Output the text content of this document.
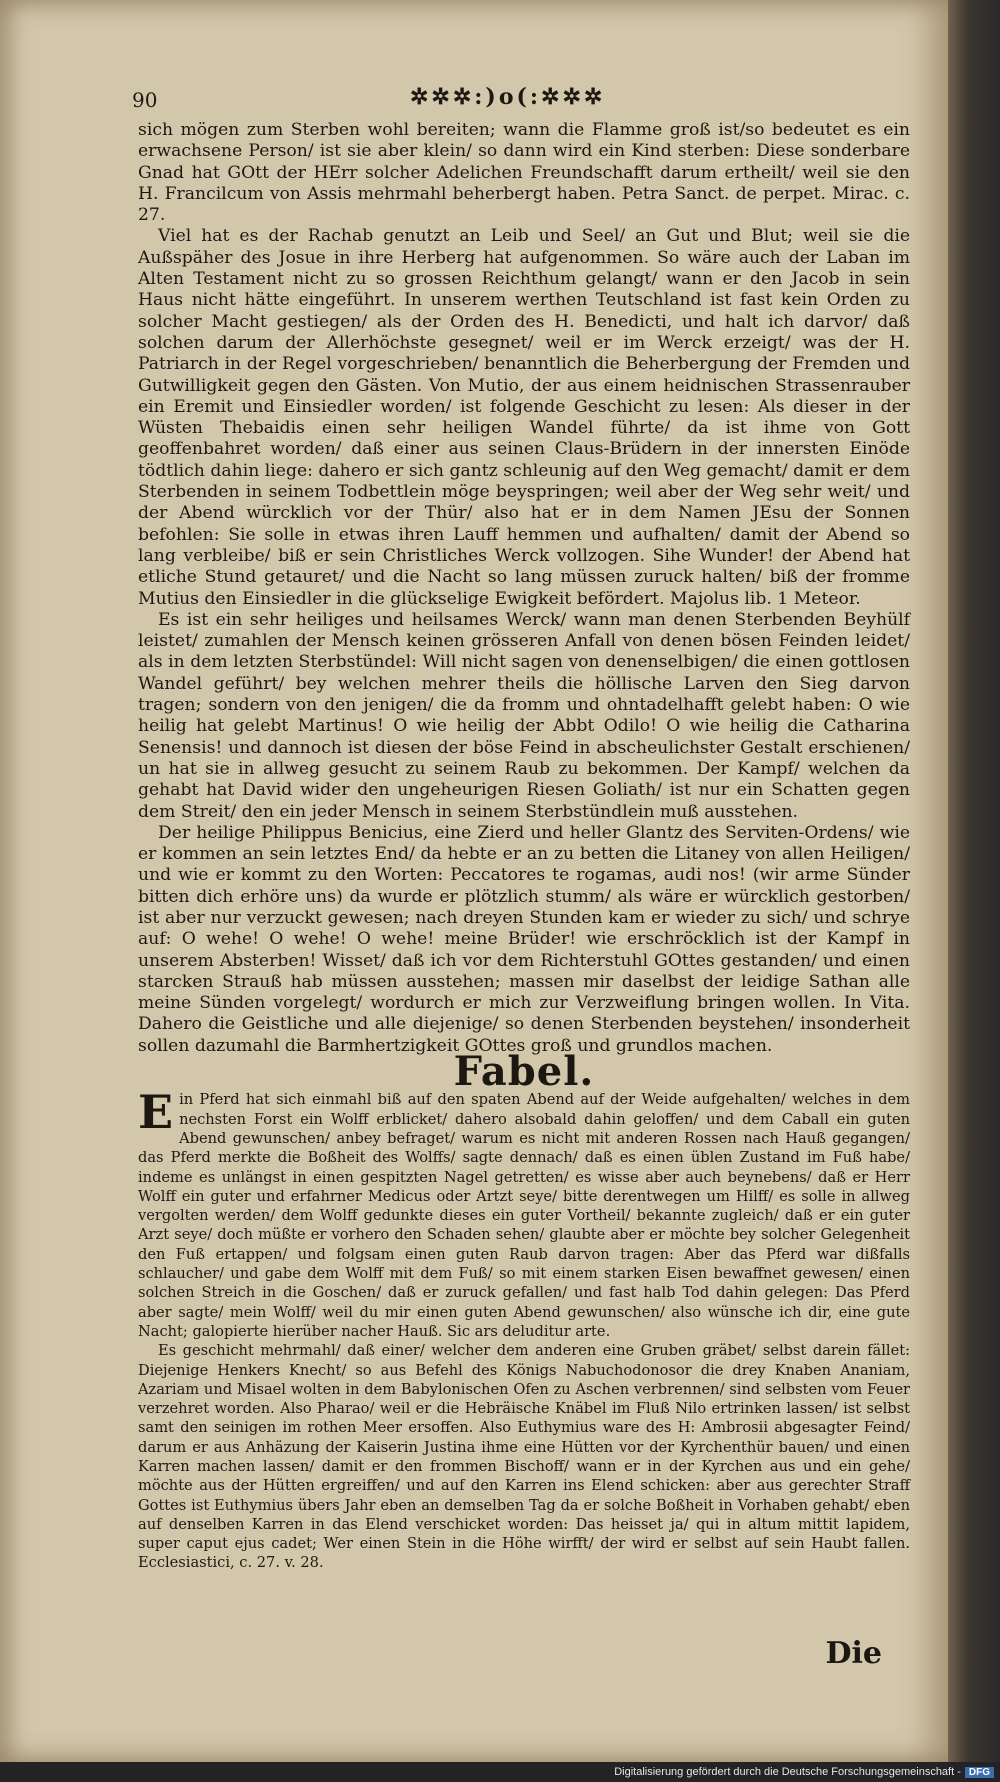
90	✲✲✲:)o(:✲✲✲

sich mögen zum Sterben wohl bereiten; wann die Flamme groß ist/so bedeutet es ein erwachsene Person/ ist sie aber klein/ so dann wird ein Kind sterben: Diese sonderbare Gnad hat GOtt der HErr solcher Adelichen Freundschafft darum ertheilt/ weil sie den H. Francilcum von Assis mehrmahl beherbergt haben. Petra Sanct. de perpet. Mirac. c. 27.

Viel hat es der Rachab genutzt an Leib und Seel/ an Gut und Blut; weil sie die Außspäher des Josue in ihre Herberg hat aufgenommen. So wäre auch der Laban im Alten Testament nicht zu so grossen Reichthum gelangt/ wann er den Jacob in sein Haus nicht hätte eingeführt. In unserem werthen Teutschland ist fast kein Orden zu solcher Macht gestiegen/ als der Orden des H. Benedicti, und halt ich darvor/ daß solchen darum der Allerhöchste gesegnet/ weil er im Werck erzeigt/ was der H. Patriarch in der Regel vorgeschrieben/ benanntlich die Beherbergung der Fremden und Gutwilligkeit gegen den Gästen. Von Mutio, der aus einem heidnischen Strassenrauber ein Eremit und Einsiedler worden/ ist folgende Geschicht zu lesen: Als dieser in der Wüsten Thebaidis einen sehr heiligen Wandel führte/ da ist ihme von Gott geoffenbahret worden/ daß einer aus seinen Claus-Brüdern in der innersten Einöde tödtlich dahin liege: dahero er sich gantz schleunig auf den Weg gemacht/ damit er dem Sterbenden in seinem Todbettlein möge beyspringen; weil aber der Weg sehr weit/ und der Abend würcklich vor der Thür/ also hat er in dem Namen JEsu der Sonnen befohlen: Sie solle in etwas ihren Lauff hemmen und aufhalten/ damit der Abend so lang verbleibe/ biß er sein Christliches Werck vollzogen. Sihe Wunder! der Abend hat etliche Stund getauret/ und die Nacht so lang müssen zuruck halten/ biß der fromme Mutius den Einsiedler in die glückselige Ewigkeit befördert. Majolus lib. 1 Meteor.

Es ist ein sehr heiliges und heilsames Werck/ wann man denen Sterbenden Beyhülf leistet/ zumahlen der Mensch keinen grösseren Anfall von denen bösen Feinden leidet/ als in dem letzten Sterbstündel: Will nicht sagen von denenselbigen/ die einen gottlosen Wandel geführt/ bey welchen mehrer theils die höllische Larven den Sieg darvon tragen; sondern von den jenigen/ die da fromm und ohntadelhafft gelebt haben: O wie heilig hat gelebt Martinus! O wie heilig der Abbt Odilo! O wie heilig die Catharina Senensis! und dannoch ist diesen der böse Feind in abscheulichster Gestalt erschienen/ un hat sie in allweg gesucht zu seinem Raub zu bekommen. Der Kampf/ welchen da gehabt hat David wider den ungeheurigen Riesen Goliath/ ist nur ein Schatten gegen dem Streit/ den ein jeder Mensch in seinem Sterbstündlein muß ausstehen.

Der heilige Philippus Benicius, eine Zierd und heller Glantz des Serviten-Ordens/ wie er kommen an sein letztes End/ da hebte er an zu betten die Litaney von allen Heiligen/ und wie er kommt zu den Worten: Peccatores te rogamas, audi nos! (wir arme Sünder bitten dich erhöre uns) da wurde er plötzlich stumm/ als wäre er würcklich gestorben/ ist aber nur verzuckt gewesen; nach dreyen Stunden kam er wieder zu sich/ und schrye auf: O wehe! O wehe! O wehe! meine Brüder! wie erschröcklich ist der Kampf in unserem Absterben! Wisset/ daß ich vor dem Richterstuhl GOttes gestanden/ und einen starcken Strauß hab müssen ausstehen; massen mir daselbst der leidige Sathan alle meine Sünden vorgelegt/ wordurch er mich zur Verzweiflung bringen wollen. In Vita. Dahero die Geistliche und alle diejenige/ so denen Sterbenden beystehen/ insonderheit sollen dazumahl die Barmhertzigkeit GOttes groß und grundlos machen.

Fabel.

Ein Pferd hat sich einmahl biß auf den spaten Abend auf der Weide aufgehalten/ welches in dem nechsten Forst ein Wolff erblicket/ dahero alsobald dahin geloffen/ und dem Caball ein guten Abend gewunschen/ anbey befraget/ warum es nicht mit anderen Rossen nach Hauß gegangen/ das Pferd merkte die Boßheit des Wolffs/ sagte dennach/ daß es einen üblen Zustand im Fuß habe/ indeme es unlängst in einen gespitzten Nagel getretten/ es wisse aber auch beynebens/ daß er Herr Wolff ein guter und erfahrner Medicus oder Artzt seye/ bitte derentwegen um Hilff/ es solle in allweg vergolten werden/ dem Wolff gedunkte dieses ein guter Vortheil/ bekannte zugleich/ daß er ein guter Arzt seye/ doch müßte er vorhero den Schaden sehen/ glaubte aber er möchte bey solcher Gelegenheit den Fuß ertappen/ und folgsam einen guten Raub darvon tragen: Aber das Pferd war dißfalls schlaucher/ und gabe dem Wolff mit dem Fuß/ so mit einem starken Eisen bewaffnet gewesen/ einen solchen Streich in die Goschen/ daß er zuruck gefallen/ und fast halb Tod dahin gelegen: Das Pferd aber sagte/ mein Wolff/ weil du mir einen guten Abend gewunschen/ also wünsche ich dir, eine gute Nacht; galopierte hierüber nacher Hauß. Sic ars deluditur arte.

Es geschicht mehrmahl/ daß einer/ welcher dem anderen eine Gruben gräbet/ selbst darein fället: Diejenige Henkers Knecht/ so aus Befehl des Königs Nabuchodonosor die drey Knaben Ananiam, Azariam und Misael wolten in dem Babylonischen Ofen zu Aschen verbrennen/ sind selbsten vom Feuer verzehret worden. Also Pharao/ weil er die Hebräische Knäbel im Fluß Nilo ertrinken lassen/ ist selbst samt den seinigen im rothen Meer ersoffen. Also Euthymius ware des H: Ambrosii abgesagter Feind/ darum er aus Anhäzung der Kaiserin Justina ihme eine Hütten vor der Kyrchenthür bauen/ und einen Karren machen lassen/ damit er den frommen Bischoff/ wann er in der Kyrchen aus und ein gehe/ möchte aus der Hütten ergreiffen/ und auf den Karren ins Elend schicken: aber aus gerechter Straff Gottes ist Euthymius übers Jahr eben an demselben Tag da er solche Boßheit in Vorhaben gehabt/ eben auf denselben Karren in das Elend verschicket worden: Das heisset ja/ qui in altum mittit lapidem, super caput ejus cadet; Wer einen Stein in die Höhe wirfft/ der wird er selbst auf sein Haubt fallen. Ecclesiastici, c. 27. v. 28.

Die
Digitalisierung gefördert durch die Deutsche Forschungsgemeinschaft - DFG
